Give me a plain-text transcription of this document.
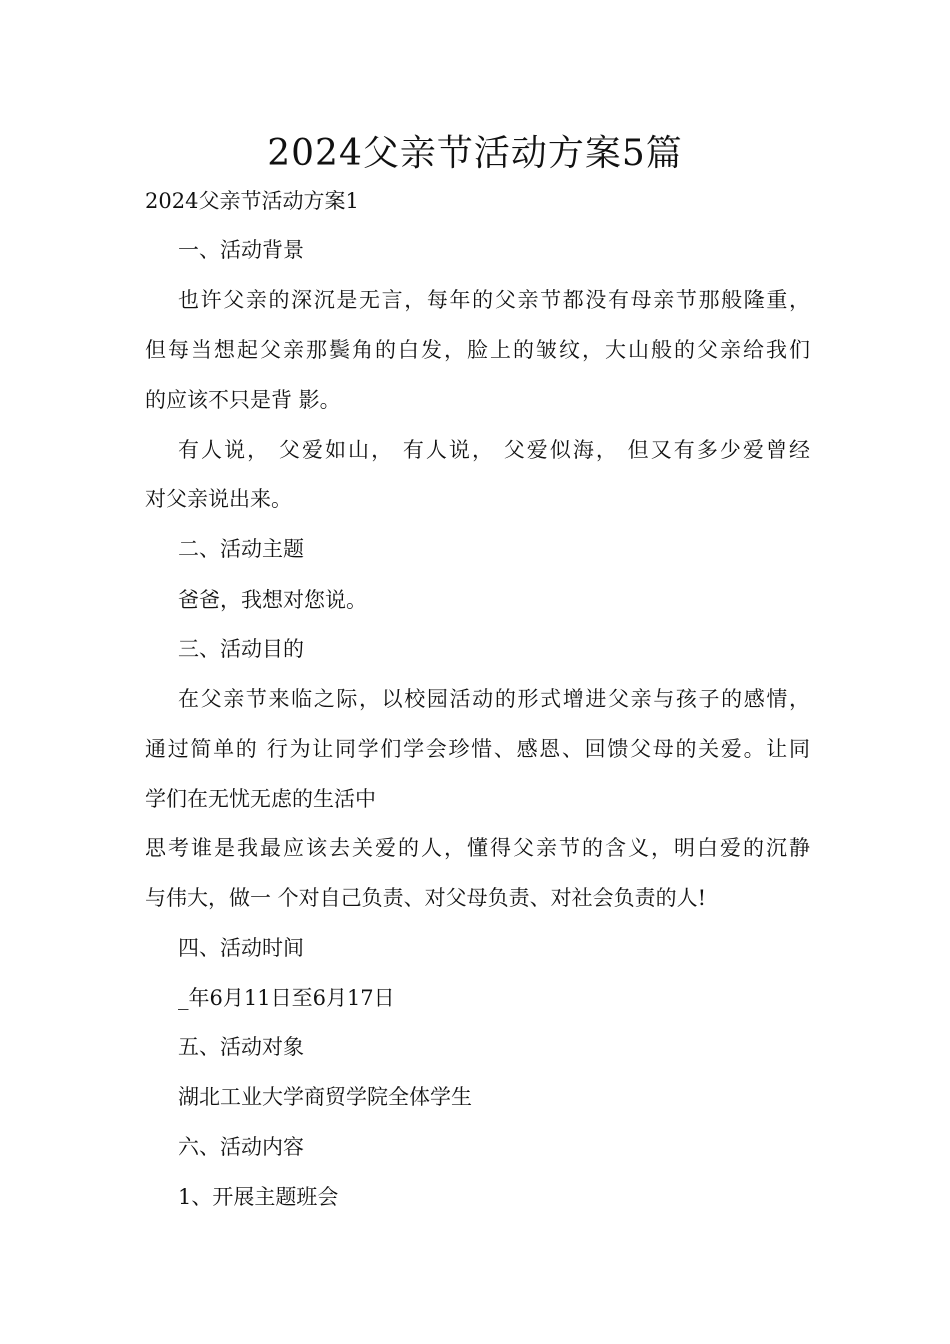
2024父亲节活动方案5篇
2024父亲节活动方案1
一、活动背景
也许父亲的深沉是无言，每年的父亲节都没有母亲节那般隆重，
但每当想起父亲那鬓角的白发，脸上的皱纹，大山般的父亲给我们
的应该不只是背 影。
有人说， 父爱如山， 有人说， 父爱似海， 但又有多少爱曾经
对父亲说出来。
二、活动主题
爸爸，我想对您说。
三、活动目的
在父亲节来临之际，以校园活动的形式增进父亲与孩子的感情，
通过简单的 行为让同学们学会珍惜、感恩、回馈父母的关爱。让同
学们在无忧无虑的生活中
思考谁是我最应该去关爱的人，懂得父亲节的含义，明白爱的沉静
与伟大，做一 个对自己负责、对父母负责、对社会负责的人!
四、活动时间
_年6月11日至6月17日
五、活动对象
湖北工业大学商贸学院全体学生
六、活动内容
1、开展主题班会
